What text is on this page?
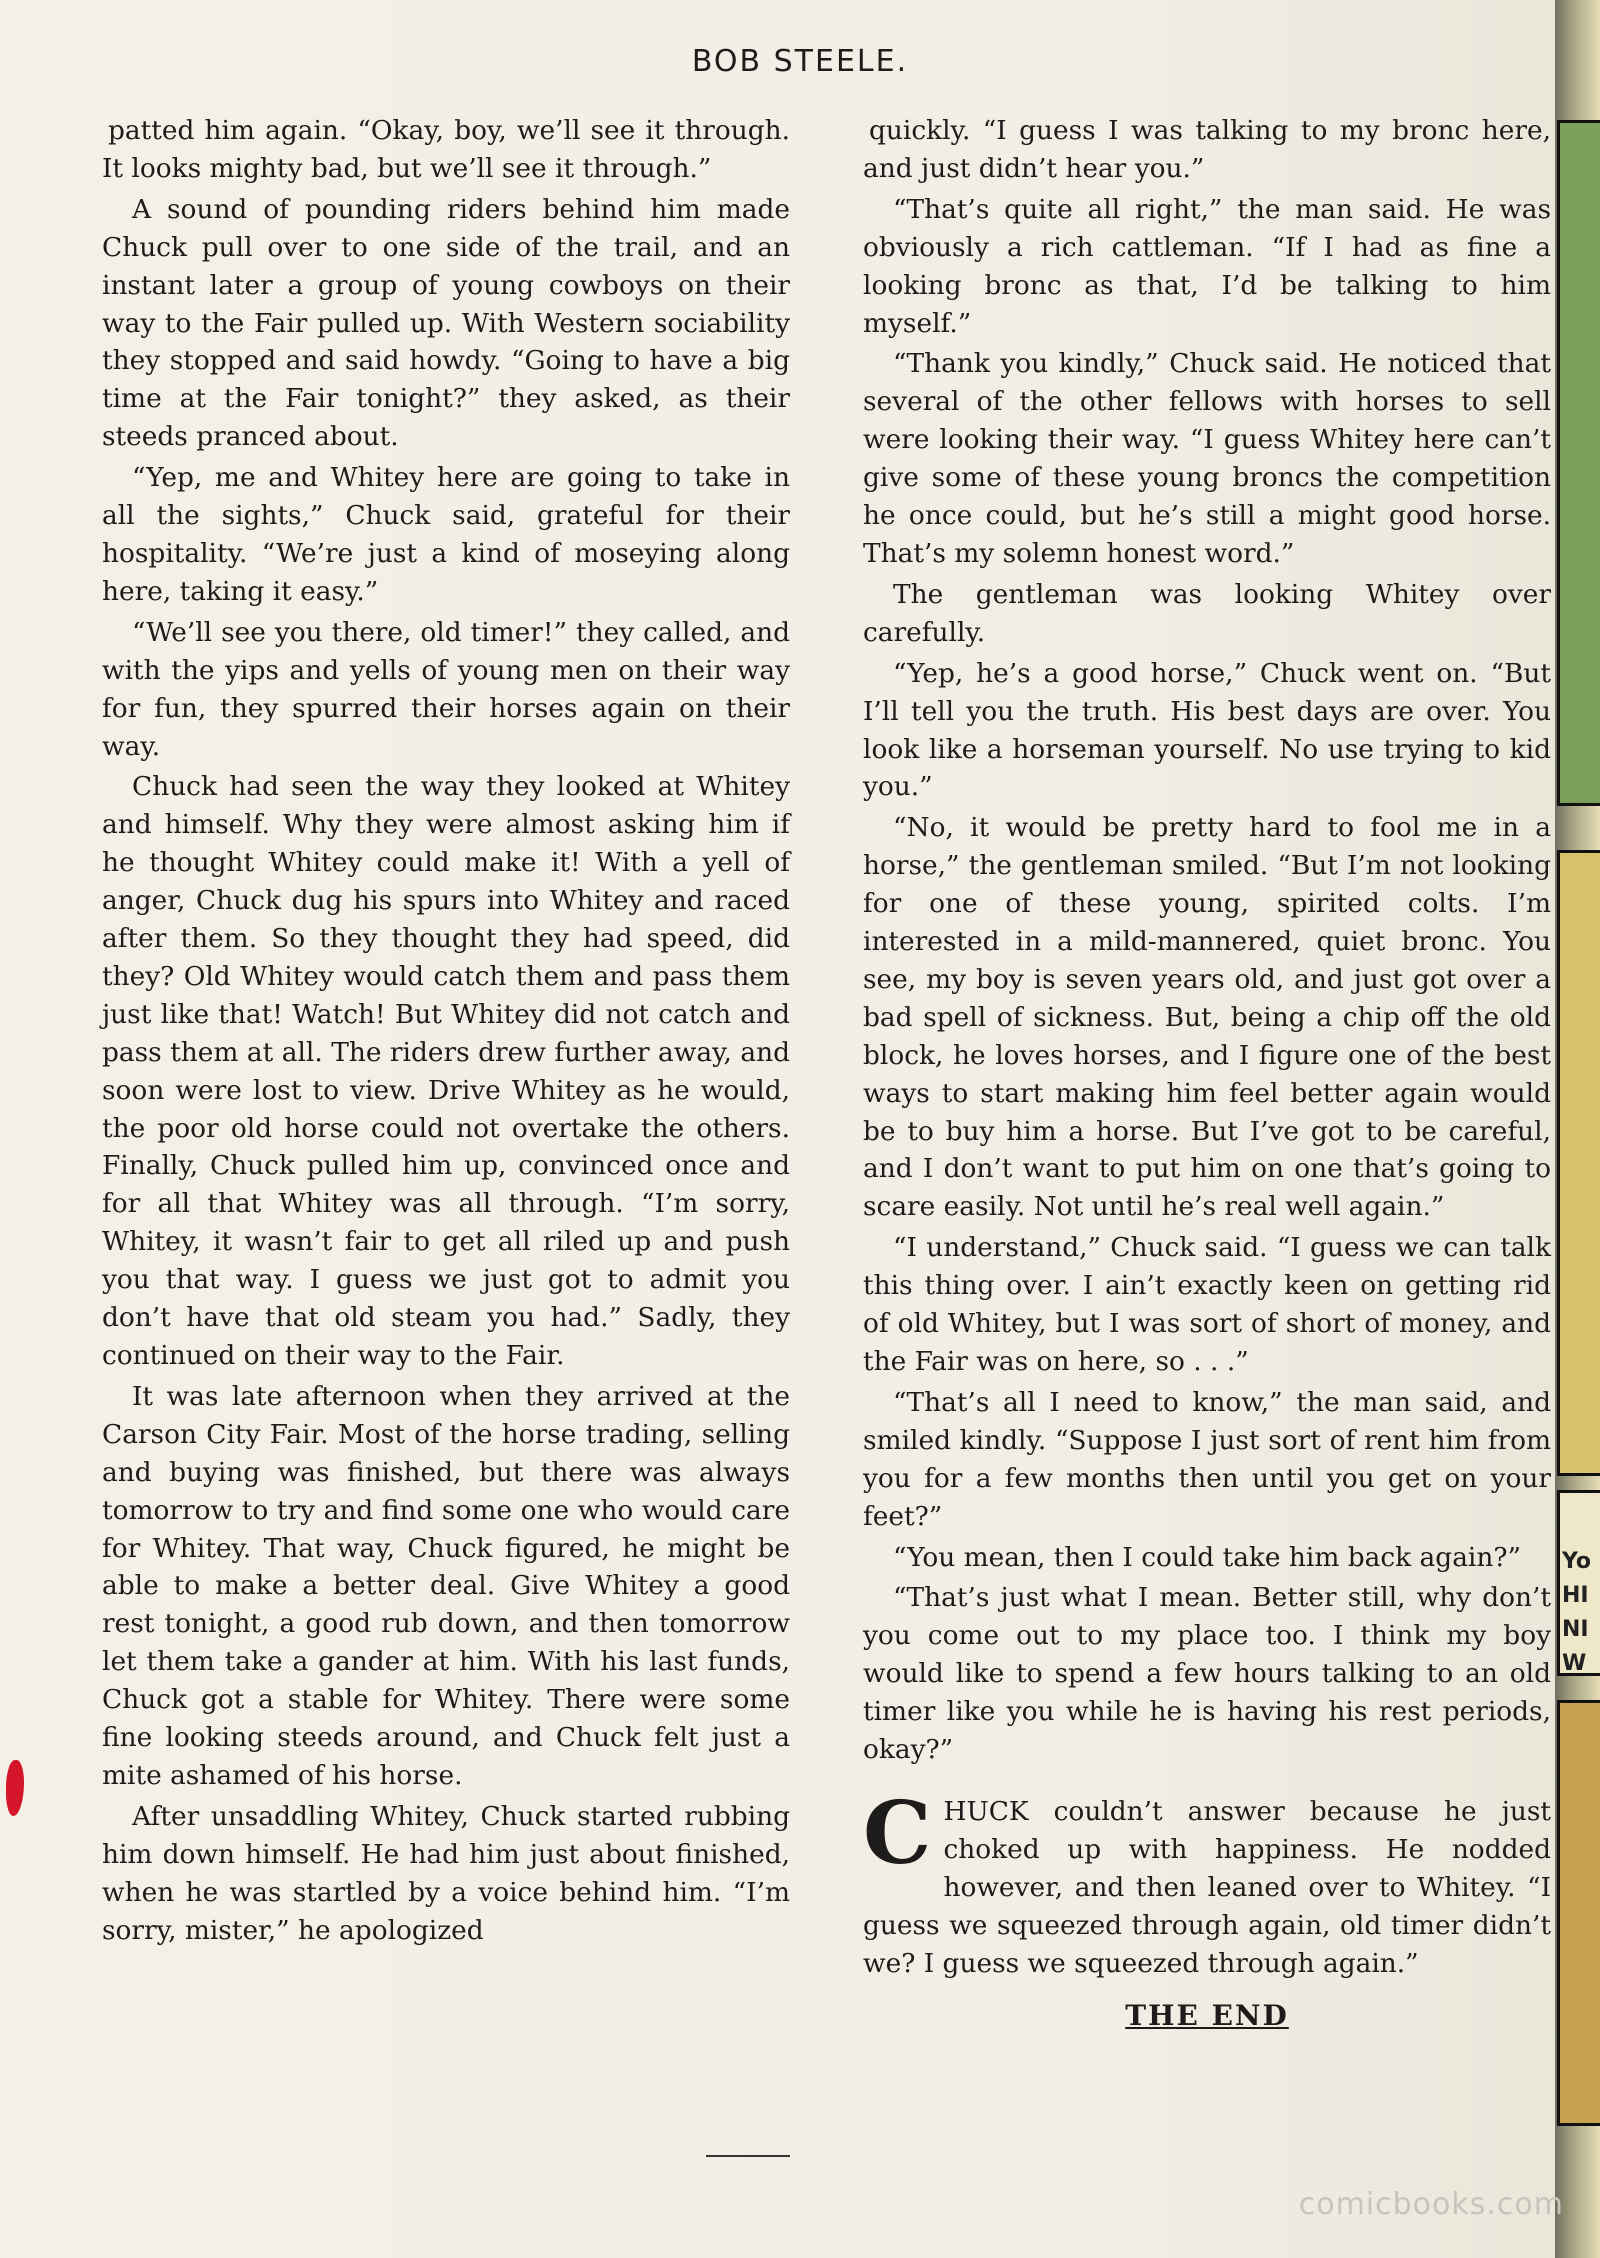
BOB STEELE.

patted him again. “Okay, boy, we’ll see it through. It looks mighty bad, but we’ll see it through.”

A sound of pounding riders behind him made Chuck pull over to one side of the trail, and an instant later a group of young cowboys on their way to the Fair pulled up. With Western sociability they stopped and said howdy. “Going to have a big time at the Fair tonight?” they asked, as their steeds pranced about.

“Yep, me and Whitey here are going to take in all the sights,” Chuck said, grateful for their hospitality. “We’re just a kind of moseying along here, taking it easy.”

“We’ll see you there, old timer!” they called, and with the yips and yells of young men on their way for fun, they spurred their horses again on their way.

Chuck had seen the way they looked at Whitey and himself. Why they were almost asking him if he thought Whitey could make it! With a yell of anger, Chuck dug his spurs into Whitey and raced after them. So they thought they had speed, did they? Old Whitey would catch them and pass them just like that! Watch! But Whitey did not catch and pass them at all. The riders drew further away, and soon were lost to view. Drive Whitey as he would, the poor old horse could not overtake the others. Finally, Chuck pulled him up, convinced once and for all that Whitey was all through. “I’m sorry, Whitey, it wasn’t fair to get all riled up and push you that way. I guess we just got to admit you don’t have that old steam you had.” Sadly, they continued on their way to the Fair.

It was late afternoon when they arrived at the Carson City Fair. Most of the horse trading, selling and buying was finished, but there was always tomorrow to try and find some one who would care for Whitey. That way, Chuck figured, he might be able to make a better deal. Give Whitey a good rest tonight, a good rub down, and then tomorrow let them take a gander at him. With his last funds, Chuck got a stable for Whitey. There were some fine looking steeds around, and Chuck felt just a mite ashamed of his horse.

After unsaddling Whitey, Chuck started rubbing him down himself. He had him just about finished, when he was startled by a voice behind him. “I’m sorry, mister,” he apologized

quickly. “I guess I was talking to my bronc here, and just didn’t hear you.”

“That’s quite all right,” the man said. He was obviously a rich cattleman. “If I had as fine a looking bronc as that, I’d be talking to him myself.”

“Thank you kindly,” Chuck said. He noticed that several of the other fellows with horses to sell were looking their way. “I guess Whitey here can’t give some of these young broncs the competition he once could, but he’s still a might good horse. That’s my solemn honest word.”

The gentleman was looking Whitey over carefully.

“Yep, he’s a good horse,” Chuck went on. “But I’ll tell you the truth. His best days are over. You look like a horseman yourself. No use trying to kid you.”

“No, it would be pretty hard to fool me in a horse,” the gentleman smiled. “But I’m not looking for one of these young, spirited colts. I’m interested in a mild-mannered, quiet bronc. You see, my boy is seven years old, and just got over a bad spell of sickness. But, being a chip off the old block, he loves horses, and I figure one of the best ways to start making him feel better again would be to buy him a horse. But I’ve got to be careful, and I don’t want to put him on one that’s going to scare easily. Not until he’s real well again.”

“I understand,” Chuck said. “I guess we can talk this thing over. I ain’t exactly keen on getting rid of old Whitey, but I was sort of short of money, and the Fair was on here, so . . .”

“That’s all I need to know,” the man said, and smiled kindly. “Suppose I just sort of rent him from you for a few months then until you get on your feet?”

“You mean, then I could take him back again?”

“That’s just what I mean. Better still, why don’t you come out to my place too. I think my boy would like to spend a few hours talking to an old timer like you while he is having his rest periods, okay?”

CHUCK couldn’t answer because he just choked up with happiness. He nodded however, and then leaned over to Whitey. “I guess we squeezed through again, old timer didn’t we? I guess we squeezed through again.”

THE END
Yo
HI
NI
W
comicbooks.com
